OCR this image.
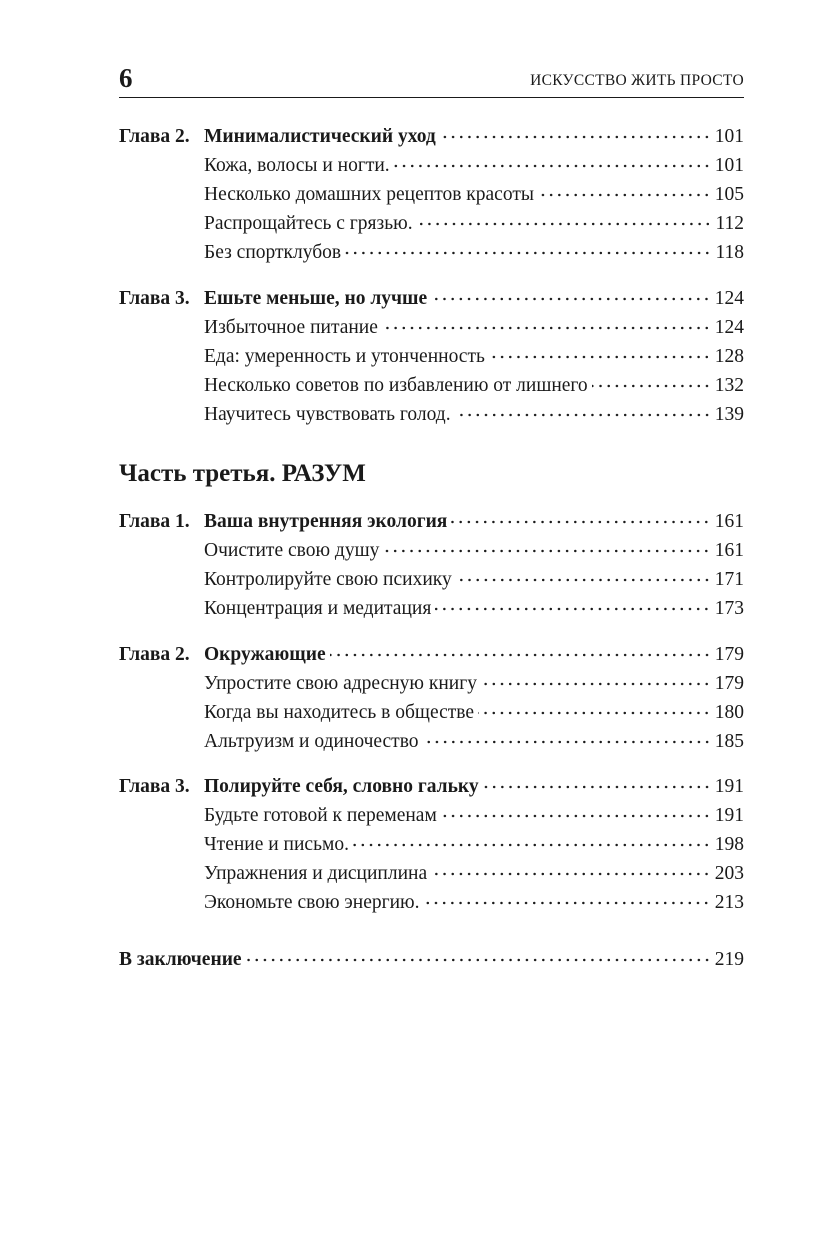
6	ИСКУССТВО ЖИТЬ ПРОСТО
Глава 2. Минималистический уход	101
Кожа, волосы и ногти.	101
Несколько домашних рецептов красоты	105
Распрощайтесь с грязью.	112
Без спортклубов	118
Глава 3. Ешьте меньше, но лучше	124
Избыточное питание	124
Еда: умеренность и утонченность	128
Несколько советов по избавлению от лишнего	132
Научитесь чувствовать голод.	139
Часть третья. РАЗУМ
Глава 1. Ваша внутренняя экология	161
Очистите свою душу	161
Контролируйте свою психику	171
Концентрация и медитация	173
Глава 2. Окружающие	179
Упростите свою адресную книгу	179
Когда вы находитесь в обществе	180
Альтруизм и одиночество	185
Глава 3. Полируйте себя, словно гальку	191
Будьте готовой к переменам	191
Чтение и письмо.	198
Упражнения и дисциплина	203
Экономьте свою энергию.	213
В заключение	219
